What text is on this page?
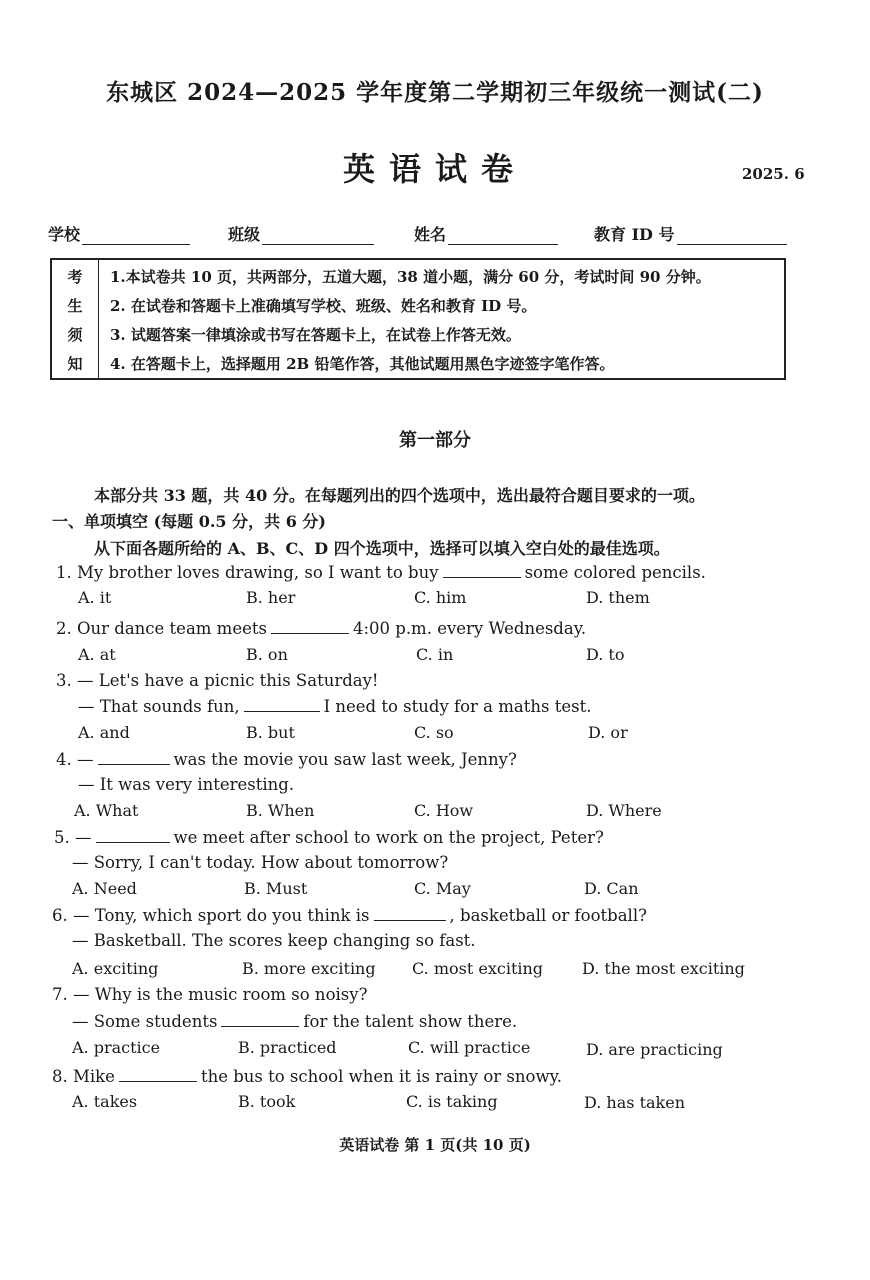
东城区 2024—2025 学年度第二学期初三年级统一测试(二)
英语试卷	2025. 6
学校	班级	姓名	教育 ID 号
考
生
须
知
1.本试卷共 10 页，共两部分，五道大题，38 道小题，满分 60 分，考试时间 90 分钟。
2. 在试卷和答题卡上准确填写学校、班级、姓名和教育 ID 号。
3. 试题答案一律填涂或书写在答题卡上，在试卷上作答无效。
4. 在答题卡上，选择题用 2B 铅笔作答，其他试题用黑色字迹签字笔作答。
第一部分
本部分共 33 题，共 40 分。在每题列出的四个选项中，选出最符合题目要求的一项。
一、单项填空 (每题 0.5 分，共 6 分)
从下面各题所给的 A、B、C、D 四个选项中，选择可以填入空白处的最佳选项。
1. My brother loves drawing, so I want to buy	some colored pencils.
A. it	B. her	C. him	D. them
2. Our dance team meets	4:00 p.m. every Wednesday.
A. at	B. on	C. in	D. to
3. — Let's have a picnic this Saturday!
— That sounds fun,	I need to study for a maths test.
A. and	B. but	C. so	D. or
4. —	was the movie you saw last week, Jenny?
— It was very interesting.
A. What	B. When	C. How	D. Where
5. —	we meet after school to work on the project, Peter?
— Sorry, I can't today. How about tomorrow?
A. Need	B. Must	C. May	D. Can
6. — Tony, which sport do you think is	, basketball or football?
— Basketball. The scores keep changing so fast.
A. exciting	B. more exciting C. most exciting D. the most exciting
7. — Why is the music room so noisy?
— Some students	for the talent show there.
A. practice	B. practiced	C. will practice	D. are practicing
8. Mike	the bus to school when it is rainy or snowy.
A. takes	B. took	C. is taking	D. has taken
英语试卷 第 1 页(共 10 页)
